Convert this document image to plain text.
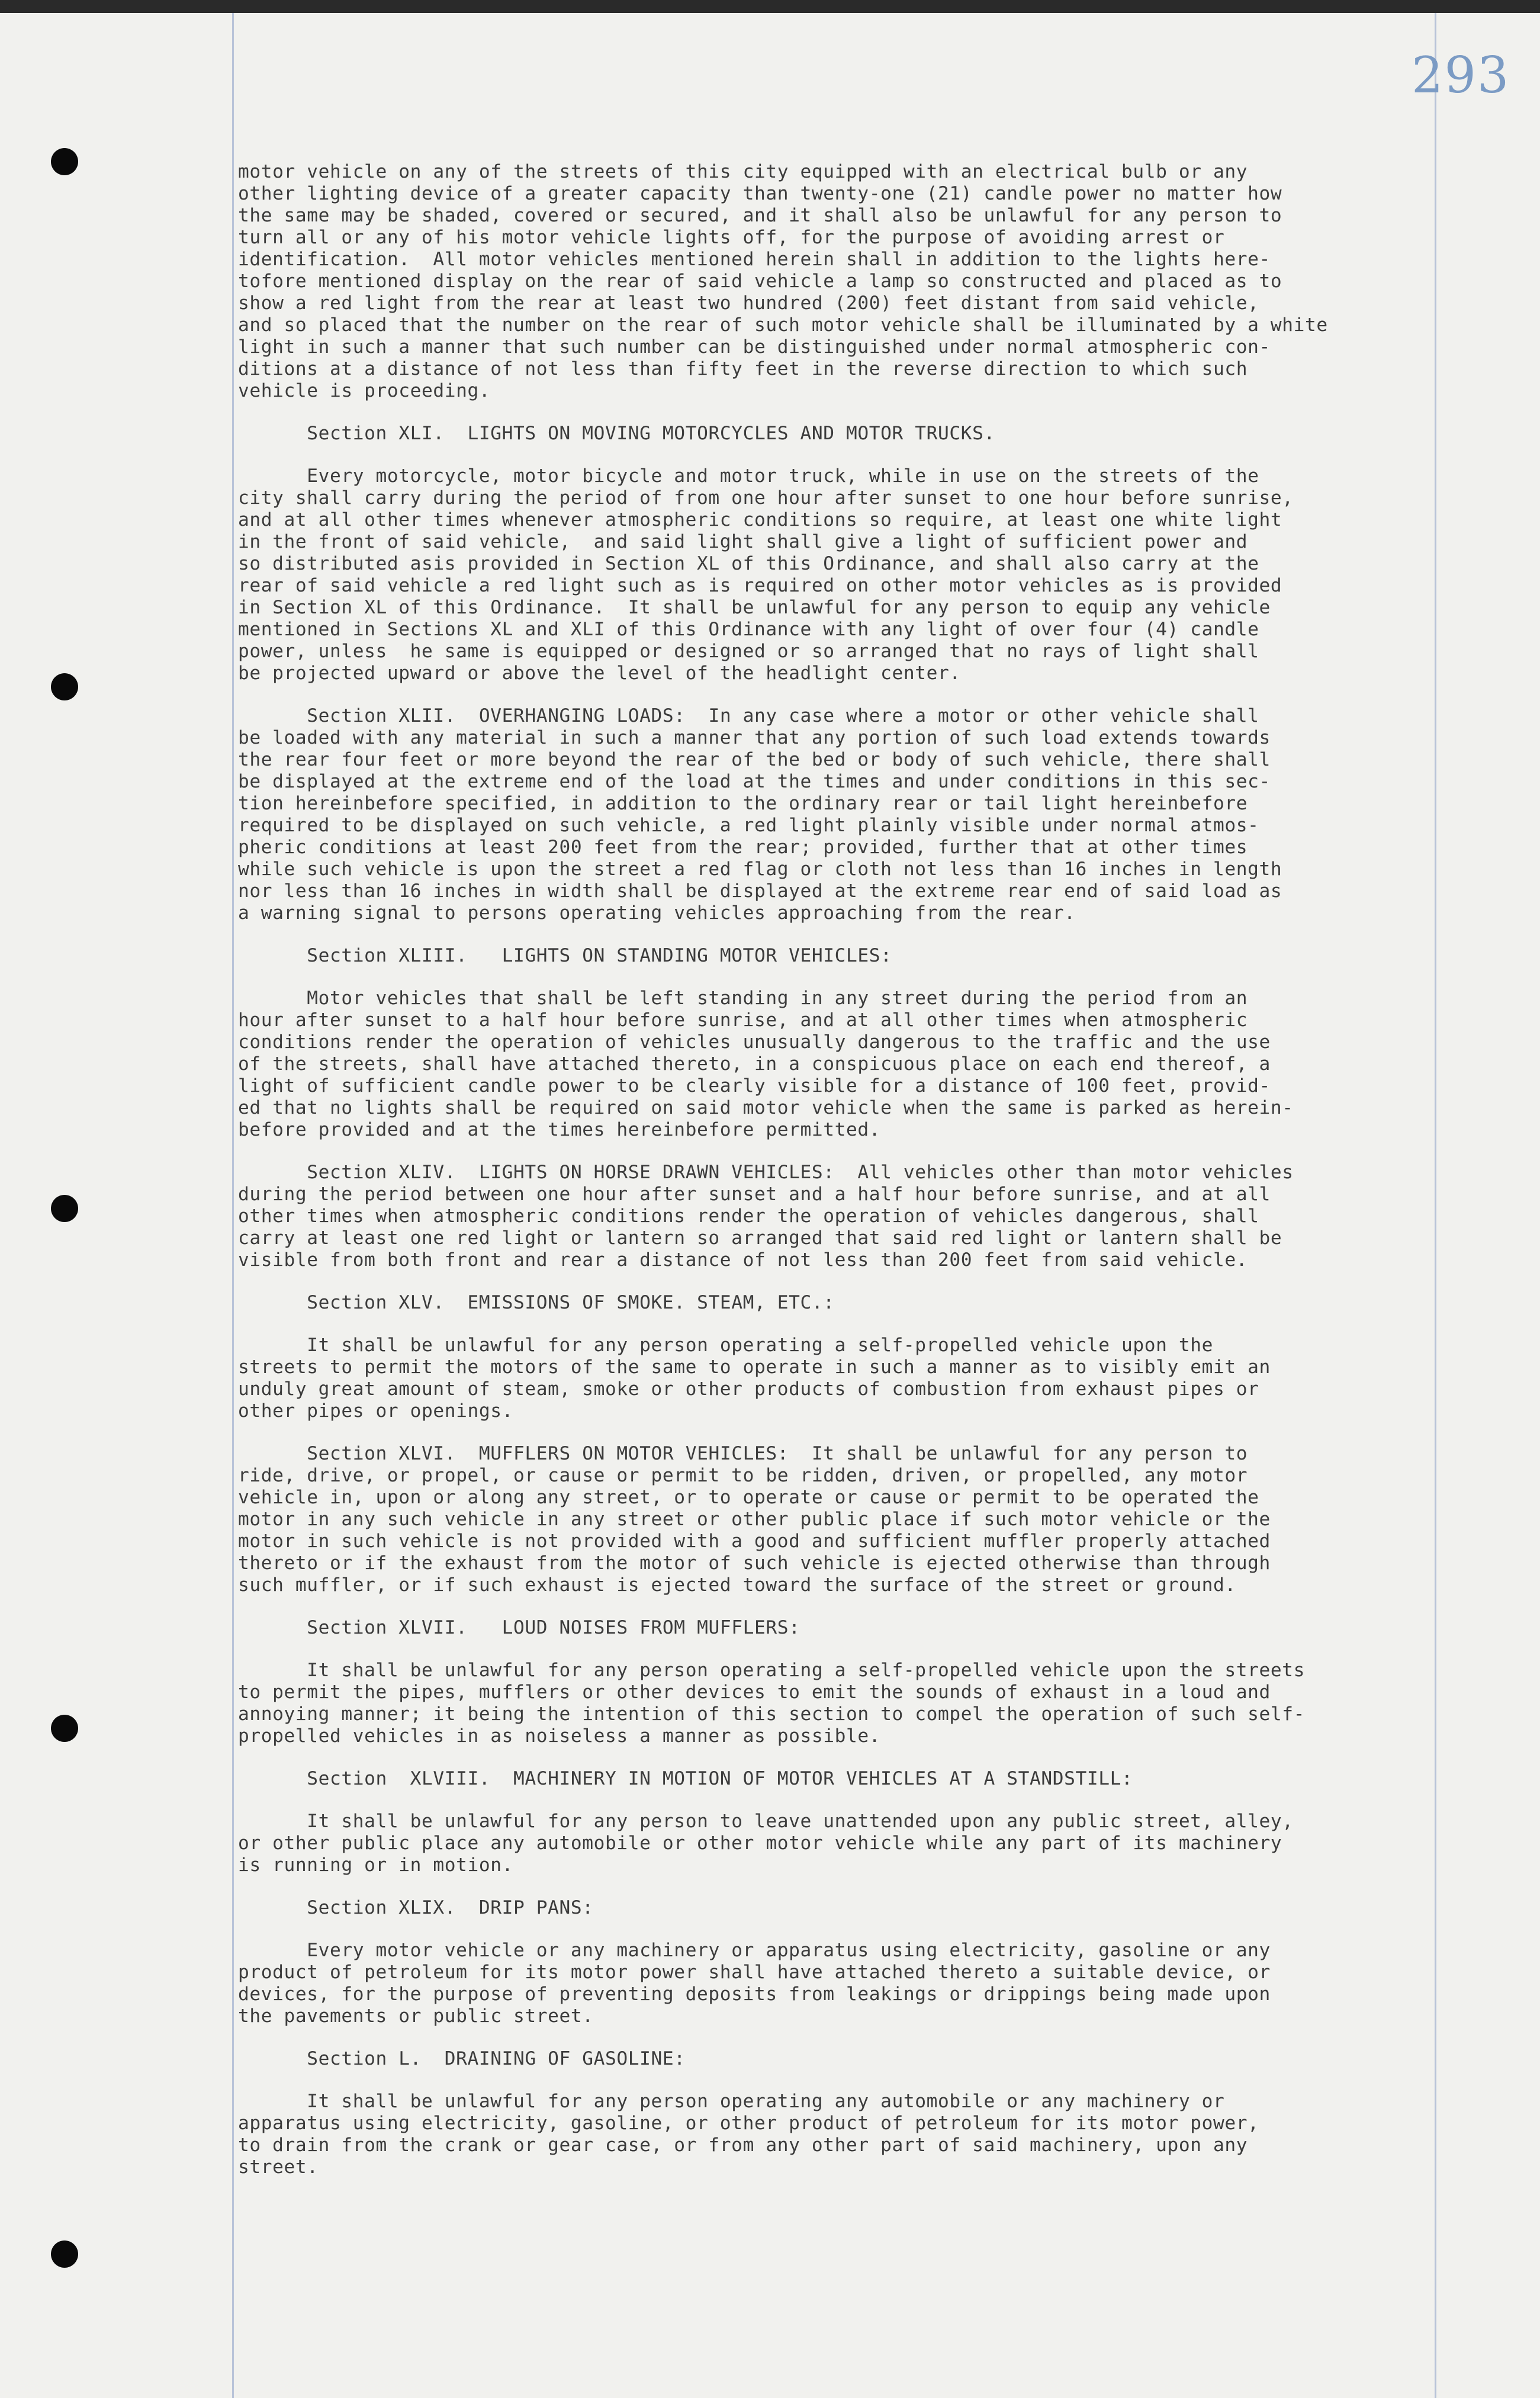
293
motor vehicle on any of the streets of this city equipped with an electrical bulb or any
other lighting device of a greater capacity than twenty-one (21) candle power no matter how
the same may be shaded, covered or secured, and it shall also be unlawful for any person to
turn all or any of his motor vehicle lights off, for the purpose of avoiding arrest or
identification.  All motor vehicles mentioned herein shall in addition to the lights here-
tofore mentioned display on the rear of said vehicle a lamp so constructed and placed as to
show a red light from the rear at least two hundred (200) feet distant from said vehicle,
and so placed that the number on the rear of such motor vehicle shall be illuminated by a white
light in such a manner that such number can be distinguished under normal atmospheric con-
ditions at a distance of not less than fifty feet in the reverse direction to which such
vehicle is proceeding.
Section XLI.  LIGHTS ON MOVING MOTORCYCLES AND MOTOR TRUCKS.
Every motorcycle, motor bicycle and motor truck, while in use on the streets of the
city shall carry during the period of from one hour after sunset to one hour before sunrise,
and at all other times whenever atmospheric conditions so require, at least one white light
in the front of said vehicle,  and said light shall give a light of sufficient power and
so distributed asis provided in Section XL of this Ordinance, and shall also carry at the
rear of said vehicle a red light such as is required on other motor vehicles as is provided
in Section XL of this Ordinance.  It shall be unlawful for any person to equip any vehicle
mentioned in Sections XL and XLI of this Ordinance with any light of over four (4) candle
power, unless  he same is equipped or designed or so arranged that no rays of light shall
be projected upward or above the level of the headlight center.
Section XLII.  OVERHANGING LOADS:  In any case where a motor or other vehicle shall
be loaded with any material in such a manner that any portion of such load extends towards
the rear four feet or more beyond the rear of the bed or body of such vehicle, there shall
be displayed at the extreme end of the load at the times and under conditions in this sec-
tion hereinbefore specified, in addition to the ordinary rear or tail light hereinbefore
required to be displayed on such vehicle, a red light plainly visible under normal atmos-
pheric conditions at least 200 feet from the rear; provided, further that at other times
while such vehicle is upon the street a red flag or cloth not less than 16 inches in length
nor less than 16 inches in width shall be displayed at the extreme rear end of said load as
a warning signal to persons operating vehicles approaching from the rear.
Section XLIII.   LIGHTS ON STANDING MOTOR VEHICLES:
Motor vehicles that shall be left standing in any street during the period from an
hour after sunset to a half hour before sunrise, and at all other times when atmospheric
conditions render the operation of vehicles unusually dangerous to the traffic and the use
of the streets, shall have attached thereto, in a conspicuous place on each end thereof, a
light of sufficient candle power to be clearly visible for a distance of 100 feet, provid-
ed that no lights shall be required on said motor vehicle when the same is parked as herein-
before provided and at the times hereinbefore permitted.
Section XLIV.  LIGHTS ON HORSE DRAWN VEHICLES:  All vehicles other than motor vehicles
during the period between one hour after sunset and a half hour before sunrise, and at all
other times when atmospheric conditions render the operation of vehicles dangerous, shall
carry at least one red light or lantern so arranged that said red light or lantern shall be
visible from both front and rear a distance of not less than 200 feet from said vehicle.
Section XLV.  EMISSIONS OF SMOKE. STEAM, ETC.:
It shall be unlawful for any person operating a self-propelled vehicle upon the
streets to permit the motors of the same to operate in such a manner as to visibly emit an
unduly great amount of steam, smoke or other products of combustion from exhaust pipes or
other pipes or openings.
Section XLVI.  MUFFLERS ON MOTOR VEHICLES:  It shall be unlawful for any person to
ride, drive, or propel, or cause or permit to be ridden, driven, or propelled, any motor
vehicle in, upon or along any street, or to operate or cause or permit to be operated the
motor in any such vehicle in any street or other public place if such motor vehicle or the
motor in such vehicle is not provided with a good and sufficient muffler properly attached
thereto or if the exhaust from the motor of such vehicle is ejected otherwise than through
such muffler, or if such exhaust is ejected toward the surface of the street or ground.
Section XLVII.   LOUD NOISES FROM MUFFLERS:
It shall be unlawful for any person operating a self-propelled vehicle upon the streets
to permit the pipes, mufflers or other devices to emit the sounds of exhaust in a loud and
annoying manner; it being the intention of this section to compel the operation of such self-
propelled vehicles in as noiseless a manner as possible.
Section  XLVIII.  MACHINERY IN MOTION OF MOTOR VEHICLES AT A STANDSTILL:
It shall be unlawful for any person to leave unattended upon any public street, alley,
or other public place any automobile or other motor vehicle while any part of its machinery
is running or in motion.
Section XLIX.  DRIP PANS:
Every motor vehicle or any machinery or apparatus using electricity, gasoline or any
product of petroleum for its motor power shall have attached thereto a suitable device, or
devices, for the purpose of preventing deposits from leakings or drippings being made upon
the pavements or public street.
Section L.  DRAINING OF GASOLINE:
It shall be unlawful for any person operating any automobile or any machinery or
apparatus using electricity, gasoline, or other product of petroleum for its motor power,
to drain from the crank or gear case, or from any other part of said machinery, upon any
street.
